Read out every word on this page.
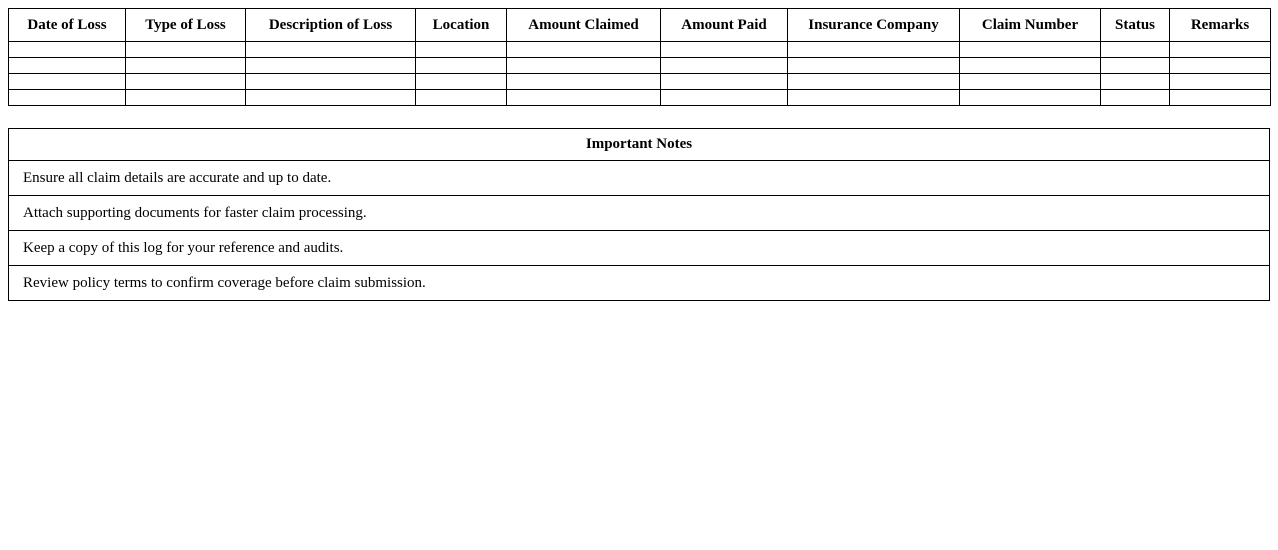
Date of Loss	Type of Loss	Description of Loss	Location	Amount Claimed	Amount Paid	Insurance Company	Claim Number	Status	Remarks

Important Notes
Ensure all claim details are accurate and up to date.
Attach supporting documents for faster claim processing.
Keep a copy of this log for your reference and audits.
Review policy terms to confirm coverage before claim submission.
